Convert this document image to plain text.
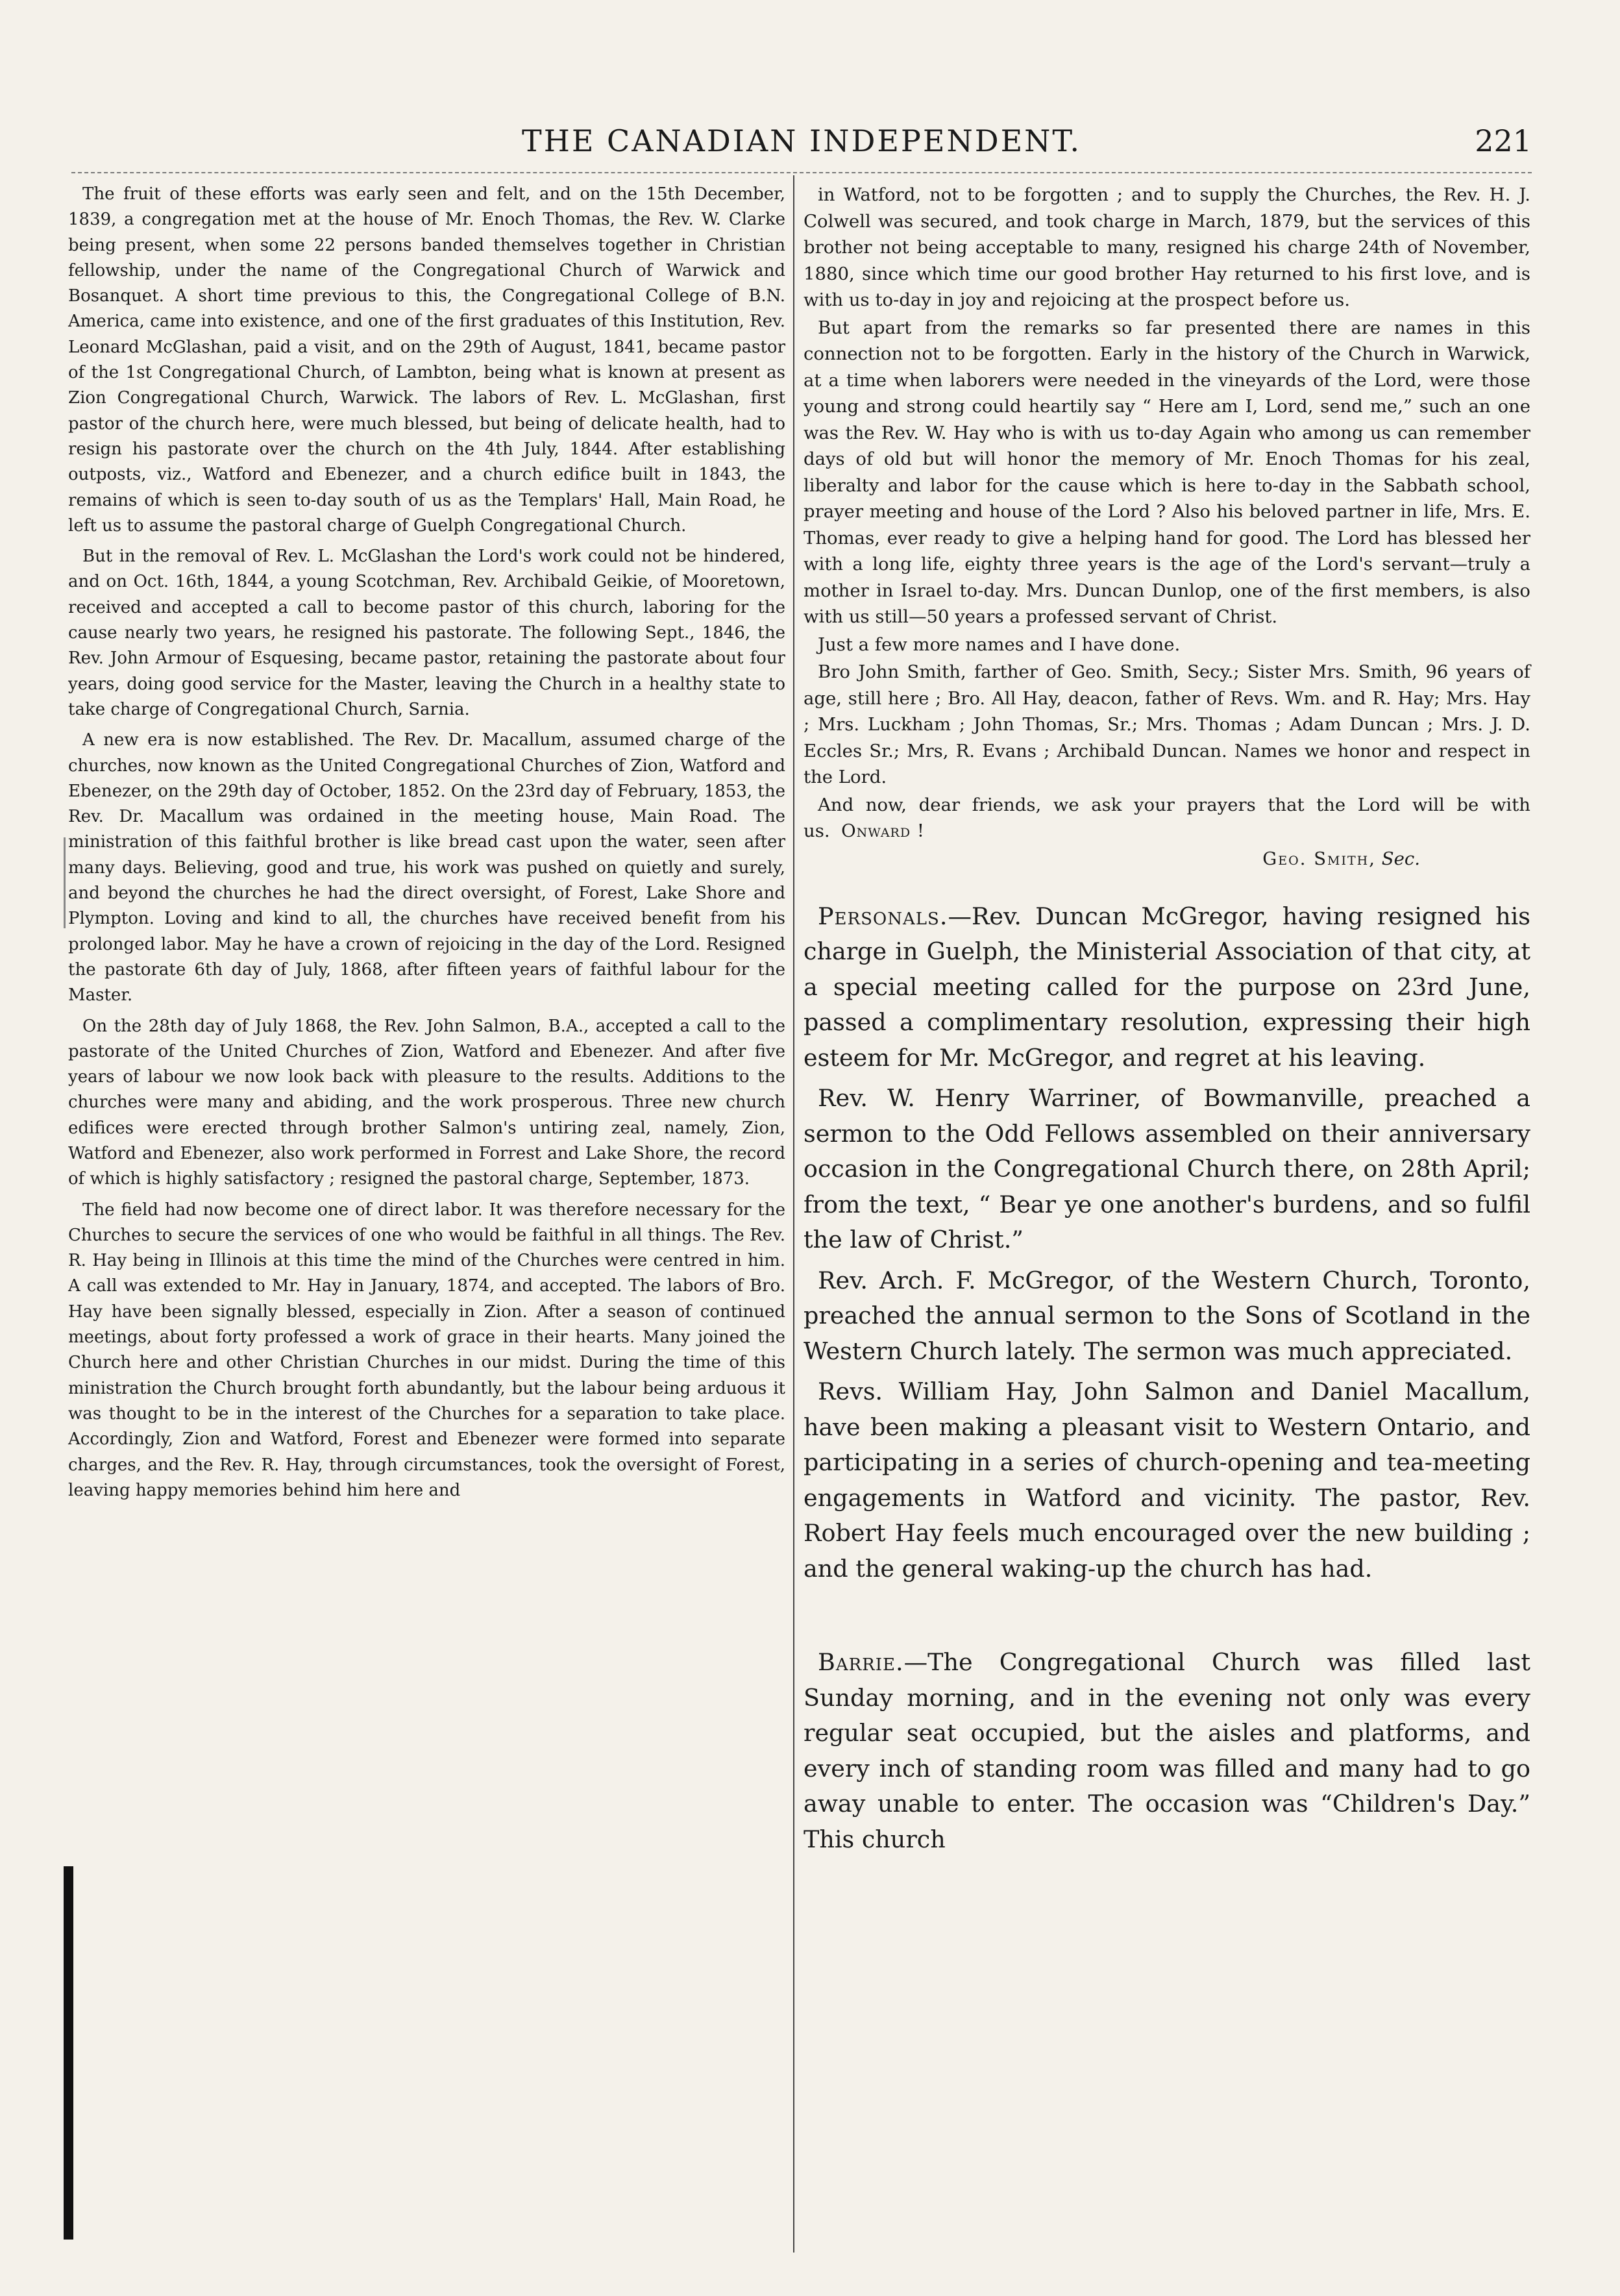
THE CANADIAN INDEPENDENT.	221

The fruit of these efforts was early seen and felt, and on the 15th December, 1839, a congregation met at the house of Mr. Enoch Thomas, the Rev. W. Clarke being present, when some 22 persons banded themselves together in Christian fellowship, under the name of the Congregational Church of Warwick and Bosanquet. A short time previous to this, the Congregational College of B.N. America, came into existence, and one of the first graduates of this Institution, Rev. Leonard McGlashan, paid a visit, and on the 29th of August, 1841, became pastor of the 1st Congregational Church, of Lambton, being what is known at present as Zion Congregational Church, Warwick. The labors of Rev. L. McGlashan, first pastor of the church here, were much blessed, but being of delicate health, had to resign his pastorate over the church on the 4th July, 1844. After establishing outposts, viz., Watford and Ebenezer, and a church edifice built in 1843, the remains of which is seen to-day south of us as the Templars' Hall, Main Road, he left us to assume the pastoral charge of Guelph Congregational Church.

But in the removal of Rev. L. McGlashan the Lord's work could not be hindered, and on Oct. 16th, 1844, a young Scotchman, Rev. Archibald Geikie, of Mooretown, received and accepted a call to become pastor of this church, laboring for the cause nearly two years, he resigned his pastorate. The following Sept., 1846, the Rev. John Armour of Esquesing, became pastor, retaining the pastorate about four years, doing good service for the Master, leaving the Church in a healthy state to take charge of Congregational Church, Sarnia.

A new era is now established. The Rev. Dr. Macallum, assumed charge of the churches, now known as the United Congregational Churches of Zion, Watford and Ebenezer, on the 29th day of October, 1852. On the 23rd day of February, 1853, the Rev. Dr. Macallum was ordained in the meeting house, Main Road. The ministration of this faithful brother is like bread cast upon the water, seen after many days. Believing, good and true, his work was pushed on quietly and surely, and beyond the churches he had the direct oversight, of Forest, Lake Shore and Plympton. Loving and kind to all, the churches have received benefit from his prolonged labor. May he have a crown of rejoicing in the day of the Lord. Resigned the pastorate 6th day of July, 1868, after fifteen years of faithful labour for the Master.

On the 28th day of July 1868, the Rev. John Salmon, B.A., accepted a call to the pastorate of the United Churches of Zion, Watford and Ebenezer. And after five years of labour we now look back with pleasure to the results. Additions to the churches were many and abiding, and the work prosperous. Three new church edifices were erected through brother Salmon's untiring zeal, namely, Zion, Watford and Ebenezer, also work performed in Forrest and Lake Shore, the record of which is highly satisfactory ; resigned the pastoral charge, September, 1873.

The field had now become one of direct labor. It was therefore necessary for the Churches to secure the services of one who would be faithful in all things. The Rev. R. Hay being in Illinois at this time the mind of the Churches were centred in him. A call was extended to Mr. Hay in January, 1874, and accepted. The labors of Bro. Hay have been signally blessed, especially in Zion. After a season of continued meetings, about forty professed a work of grace in their hearts. Many joined the Church here and other Christian Churches in our midst. During the time of this ministration the Church brought forth abundantly, but the labour being arduous it was thought to be in the interest of the Churches for a separation to take place. Accordingly, Zion and Watford, Forest and Ebenezer were formed into separate charges, and the Rev. R. Hay, through circumstances, took the oversight of Forest, leaving happy memories behind him here and

in Watford, not to be forgotten ; and to supply the Churches, the Rev. H. J. Colwell was secured, and took charge in March, 1879, but the services of this brother not being acceptable to many, resigned his charge 24th of November, 1880, since which time our good brother Hay returned to his first love, and is with us to-day in joy and rejoicing at the prospect before us.

But apart from the remarks so far presented there are names in this connection not to be forgotten. Early in the history of the Church in Warwick, at a time when laborers were needed in the vineyards of the Lord, were those young and strong could heartily say “ Here am I, Lord, send me,” such an one was the Rev. W. Hay who is with us to-day Again who among us can remember days of old but will honor the memory of Mr. Enoch Thomas for his zeal, liberalty and labor for the cause which is here to-day in the Sabbath school, prayer meeting and house of the Lord ? Also his beloved partner in life, Mrs. E. Thomas, ever ready to give a helping hand for good. The Lord has blessed her with a long life, eighty three years is the age of the Lord's servant—truly a mother in Israel to-day. Mrs. Duncan Dunlop, one of the first members, is also with us still—50 years a professed servant of Christ.

Just a few more names and I have done.

Bro John Smith, farther of Geo. Smith, Secy.; Sister Mrs. Smith, 96 years of age, still here ; Bro. All Hay, deacon, father of Revs. Wm. and R. Hay; Mrs. Hay ; Mrs. Luckham ; John Thomas, Sr.; Mrs. Thomas ; Adam Duncan ; Mrs. J. D. Eccles Sr.; Mrs, R. Evans ; Archibald Duncan. Names we honor and respect in the Lord.

And now, dear friends, we ask your prayers that the Lord will be with us. Onward !

Geo. Smith, Sec.

Personals.—Rev. Duncan McGregor, having resigned his charge in Guelph, the Ministerial Association of that city, at a special meeting called for the purpose on 23rd June, passed a complimentary resolution, expressing their high esteem for Mr. McGregor, and regret at his leaving.

Rev. W. Henry Warriner, of Bowmanville, preached a sermon to the Odd Fellows assembled on their anniversary occasion in the Congregational Church there, on 28th April; from the text, “ Bear ye one another's burdens, and so fulfil the law of Christ.”

Rev. Arch. F. McGregor, of the Western Church, Toronto, preached the annual sermon to the Sons of Scotland in the Western Church lately. The sermon was much appreciated.

Revs. William Hay, John Salmon and Daniel Macallum, have been making a pleasant visit to Western Ontario, and participating in a series of church-opening and tea-meeting engagements in Watford and vicinity. The pastor, Rev. Robert Hay feels much encouraged over the new building ; and the general waking-up the church has had.

Barrie.—The Congregational Church was filled last Sunday morning, and in the evening not only was every regular seat occupied, but the aisles and platforms, and every inch of standing room was filled and many had to go away unable to enter. The occasion was “Children's Day.” This church
